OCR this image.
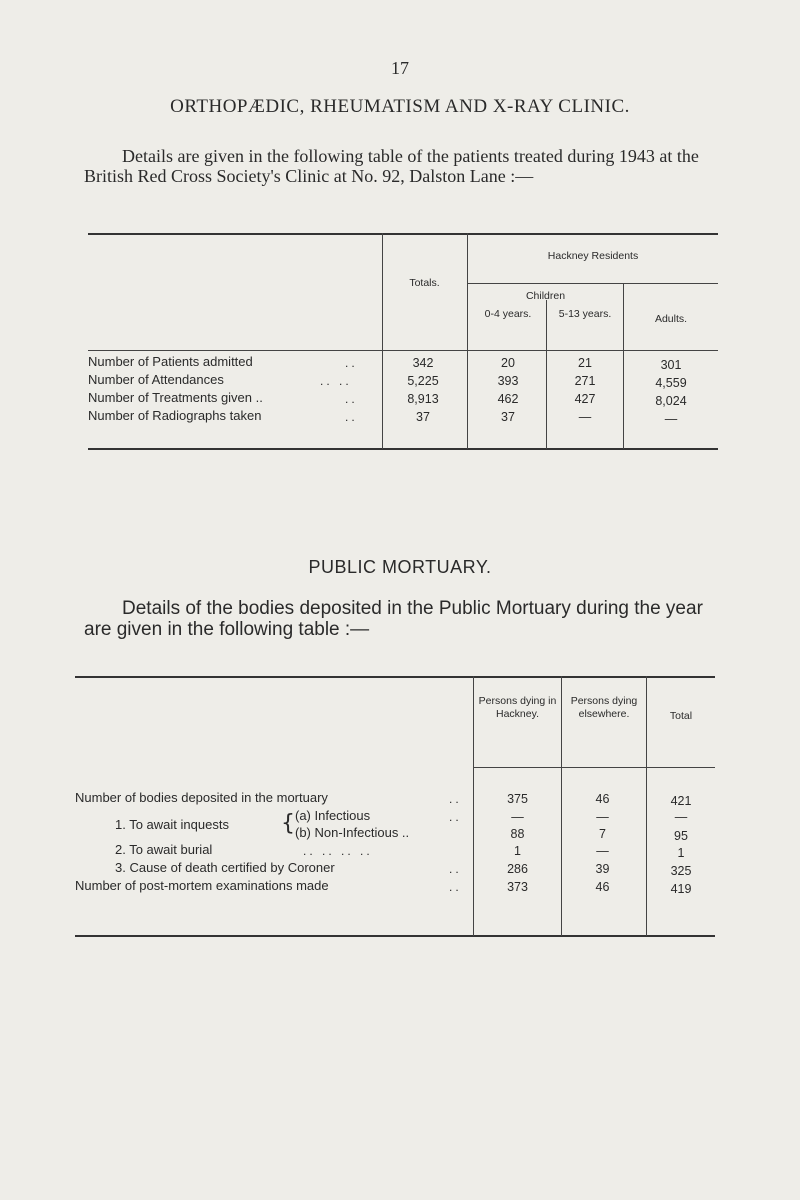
17
ORTHOPÆDIC, RHEUMATISM AND X-RAY CLINIC.
Details are given in the following table of the patients treated during 1943 at the British Red Cross Society's Clinic at No. 92, Dalston Lane :—
Totals.
Hackney Residents
Children
0-4 years.	5-13 years.	Adults.
Number of Patients admitted	..	342	20	21	301
Number of Attendances	.. ..	5,225	393	271	4,559
Number of Treatments given ..	..	8,913	462	427	8,024
Number of Radiographs taken	..	37	37	—	—
PUBLIC MORTUARY.
Details of the bodies deposited in the Public Mortuary during the year are given in the following table :—
Persons dying in Hackney.
Persons dying elsewhere.	Total
Number of bodies deposited in the mortuary	..	375	46	421
1. To await inquests { (a) Infectious	..	—	—	—
(b) Non-Infectious ..	88	7	95
2. To await burial	.. .. .. ..	1	—	1
3. Cause of death certified by Coroner	..	286	39	325
Number of post-mortem examinations made	..	373	46	419
